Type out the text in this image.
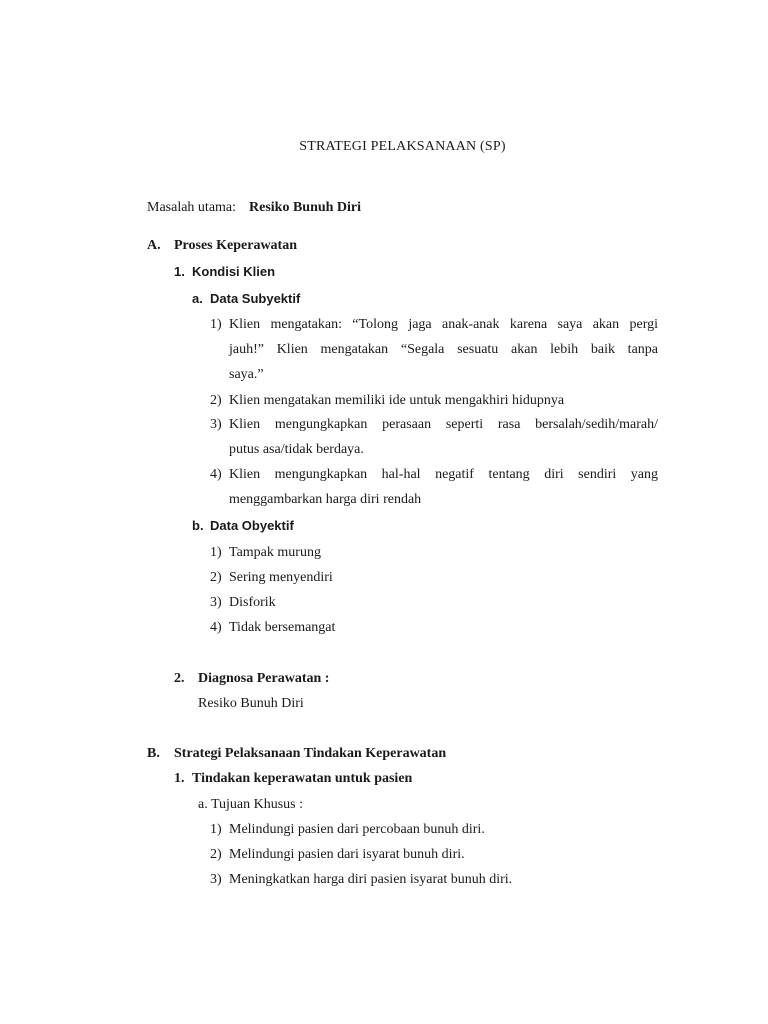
STRATEGI PELAKSANAAN (SP)
Masalah utama: Resiko Bunuh Diri
A. Proses Keperawatan
1. Kondisi Klien
a. Data Subyektif
1) Klien mengatakan: “Tolong jaga anak-anak karena saya akan pergi
jauh!” Klien mengatakan “Segala sesuatu akan lebih baik tanpa
saya.”
2) Klien mengatakan memiliki ide untuk mengakhiri hidupnya
3) Klien mengungkapkan perasaan seperti rasa bersalah/sedih/marah/
putus asa/tidak berdaya.
4) Klien mengungkapkan hal-hal negatif tentang diri sendiri yang
menggambarkan harga diri rendah
b. Data Obyektif
1) Tampak murung
2) Sering menyendiri
3) Disforik
4) Tidak bersemangat
2. Diagnosa Perawatan :
Resiko Bunuh Diri
B. Strategi Pelaksanaan Tindakan Keperawatan
1. Tindakan keperawatan untuk pasien
a. Tujuan Khusus :
1) Melindungi pasien dari percobaan bunuh diri.
2) Melindungi pasien dari isyarat bunuh diri.
3) Meningkatkan harga diri pasien isyarat bunuh diri.
